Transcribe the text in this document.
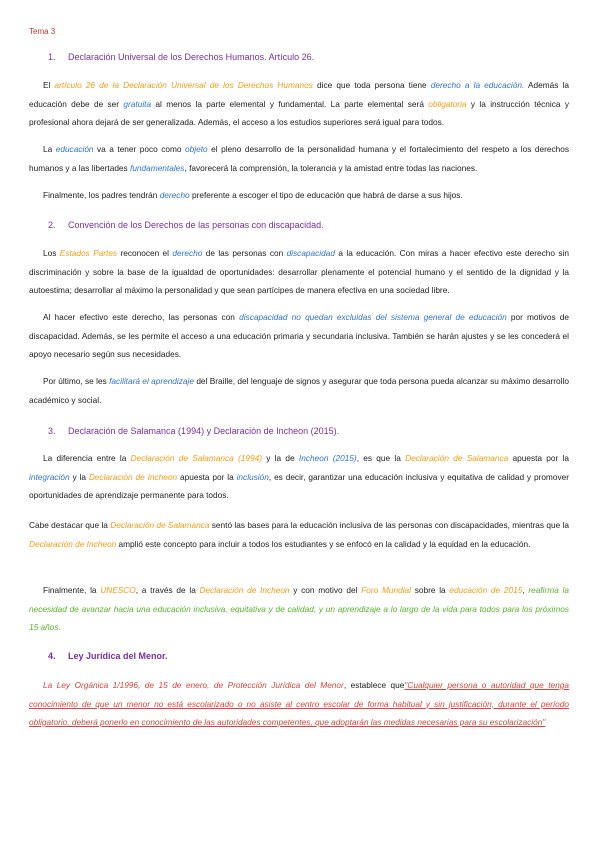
Tema 3
1. Declaración Universal de los Derechos Humanos. Artículo 26.

El artículo 26 de la Declaración Universal de los Derechos Humanos dice que toda persona tiene derecho a la educación. Además la educación debe de ser gratuita al menos la parte elemental y fundamental. La parte elemental será obligatoria y la instrucción técnica y profesional ahora dejará de ser generalizada. Además, el acceso a los estudios superiores será igual para todos.

La educación va a tener poco como objeto el pleno desarrollo de la personalidad humana y el fortalecimiento del respeto a los derechos humanos y a las libertades fundamentales, favorecerá la comprensión, la tolerancia y la amistad entre todas las naciones.

Finalmente, los padres tendrán derecho preferente a escoger el tipo de educación que habrá de darse a sus hijos.

2. Convención de los Derechos de las personas con discapacidad.

Los Estados Partes reconocen el derecho de las personas con discapacidad a la educación. Con miras a hacer efectivo este derecho sin discriminación y sobre la base de la igualdad de oportunidades: desarrollar plenamente el potencial humano y el sentido de la dignidad y la autoestima; desarrollar al máximo la personalidad y que sean partícipes de manera efectiva en una sociedad libre.

Al hacer efectivo este derecho, las personas con discapacidad no quedan excluidas del sistema general de educación por motivos de discapacidad. Además, se les permite el acceso a una educación primaria y secundaria inclusiva. También se harán ajustes y se les concederá el apoyo necesario según sus necesidades.

Por último, se les facilitará el aprendizaje del Braille, del lenguaje de signos y asegurar que toda persona pueda alcanzar su máximo desarrollo académico y social.

3. Declaración de Salamanca (1994) y Declaración de Incheon (2015).

La diferencia entre la Declaración de Salamanca (1994) y la de Incheon (2015), es que la Declaración de Salamanca apuesta por la integración y la Declaración de Incheon apuesta por la inclusión, es decir, garantizar una educación inclusiva y equitativa de calidad y promover oportunidades de aprendizaje permanente para todos.

Cabe destacar que la Declaración de Salamanca sentó las bases para la educación inclusiva de las personas con discapacidades, mientras que la Declaración de Incheon amplió este concepto para incluir a todos los estudiantes y se enfocó en la calidad y la equidad en la educación.

Finalmente, la UNESCO, a través de la Declaración de Incheon y con motivo del Foro Mundial sobre la educación de 2015, reafirma la necesidad de avanzar hacia una educación inclusiva, equitativa y de calidad, y un aprendizaje a lo largo de la vida para todos para los próximos 15 años.

4. Ley Jurídica del Menor.

La Ley Orgánica 1/1996, de 15 de enero, de Protección Jurídica del Menor, establece que"Cualquier persona o autoridad que tenga conocimiento de que un menor no está escolarizado o no asiste al centro escolar de forma habitual y sin justificación, durante el período obligatorio, deberá ponerlo en conocimiento de las autoridades competentes, que adoptarán las medidas necesarias para su escolarización"
